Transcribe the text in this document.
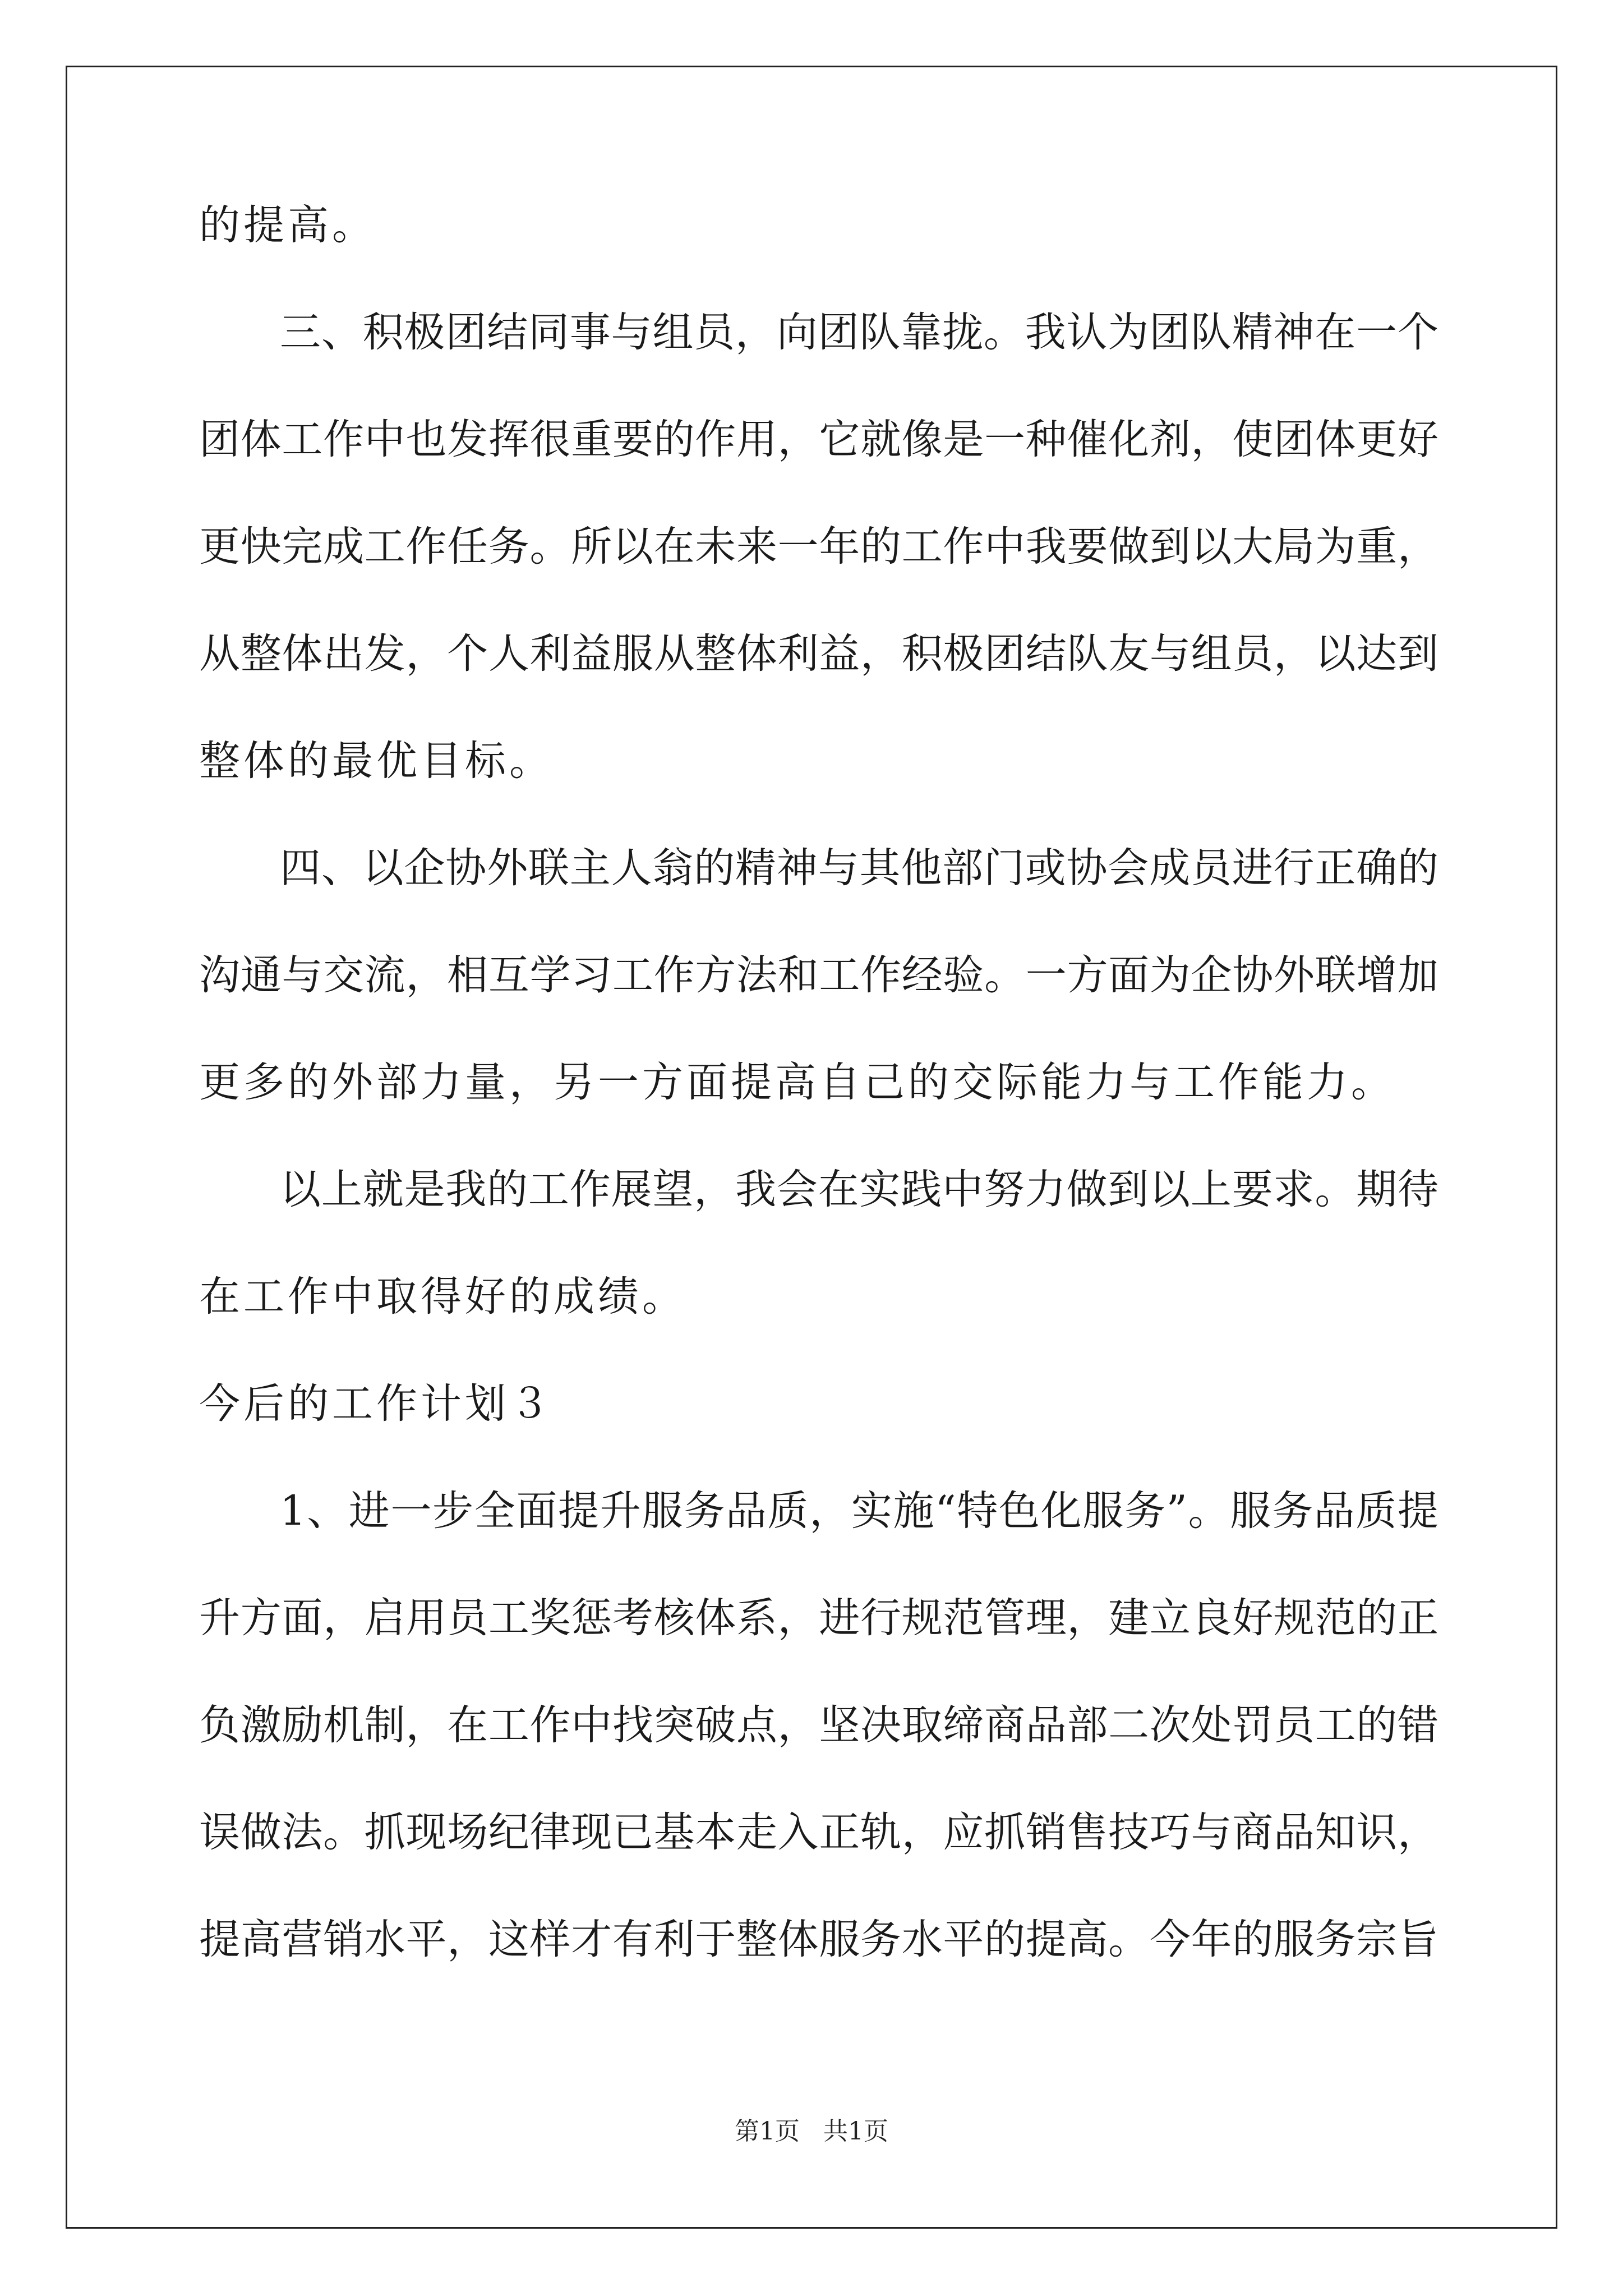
的提高。
三、积极团结同事与组员，向团队靠拢。我认为团队精神在一个
团体工作中也发挥很重要的作用，它就像是一种催化剂，使团体更好
更快完成工作任务。所以在未来一年的工作中我要做到以大局为重，
从整体出发，个人利益服从整体利益，积极团结队友与组员，以达到
整体的最优目标。
四、以企协外联主人翁的精神与其他部门或协会成员进行正确的
沟通与交流，相互学习工作方法和工作经验。一方面为企协外联增加
更多的外部力量，另一方面提高自己的交际能力与工作能力。
以上就是我的工作展望，我会在实践中努力做到以上要求。期待
在工作中取得好的成绩。
今后的工作计划３
1、进一步全面提升服务品质，实施“特色化服务”。服务品质提
升方面，启用员工奖惩考核体系，进行规范管理，建立良好规范的正
负激励机制，在工作中找突破点，坚决取缔商品部二次处罚员工的错
误做法。抓现场纪律现已基本走入正轨，应抓销售技巧与商品知识，
提高营销水平，这样才有利于整体服务水平的提高。今年的服务宗旨
第1页 共1页
